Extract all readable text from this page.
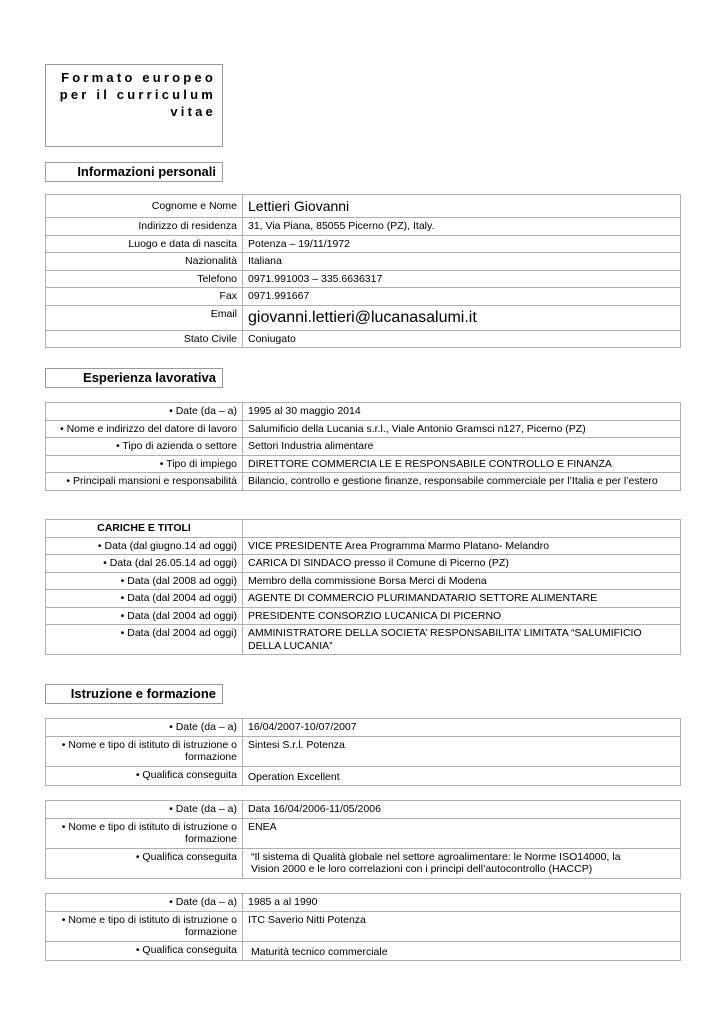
Formato europeo
per il curriculum
vitae
Informazioni personali
Cognome e Nome	Lettieri Giovanni
Indirizzo di residenza	31, Via Piana, 85055 Picerno (PZ), Italy.
Luogo e data di nascita	Potenza – 19/11/1972
Nazionalità	Italiana
Telefono	0971.991003 – 335.6636317
Fax	0971.991667
Email	giovanni.lettieri@lucanasalumi.it
Stato Civile	Coniugato
Esperienza lavorativa
• Date (da – a)	1995 al 30 maggio 2014
• Nome e indirizzo del datore di lavoro	Salumificio della Lucania s.r.l., Viale Antonio Gramsci n127, Picerno (PZ)
• Tipo di azienda o settore	Settori Industria alimentare
• Tipo di impiego	DIRETTORE COMMERCIA LE E RESPONSABILE CONTROLLO E FINANZA
• Principali mansioni e responsabilità	Bilancio, controllo e gestione finanze, responsabile commerciale per l’Italia e per l’estero
CARICHE E TITOLI	
• Data (dal giugno.14 ad oggi)	VICE PRESIDENTE Area Programma Marmo Platano- Melandro
• Data (dal 26.05.14 ad oggi)	CARICA DI SINDACO presso il Comune di Picerno (PZ)
• Data (dal 2008 ad oggi)	Membro della commissione Borsa Merci di Modena
• Data (dal 2004 ad oggi)	AGENTE DI COMMERCIO PLURIMANDATARIO SETTORE ALIMENTARE
• Data (dal 2004 ad oggi)	PRESIDENTE CONSORZIO LUCANICA DI PICERNO
• Data (dal 2004 ad oggi)	AMMINISTRATORE DELLA SOCIETA’ RESPONSABILITA’ LIMITATA “SALUMIFICIO DELLA LUCANIA”
Istruzione e formazione
• Date (da – a)	16/04/2007-10/07/2007
• Nome e tipo di istituto di istruzione o formazione	Sintesi S.r.l. Potenza
• Qualifica conseguita	Operation Excellent
• Date (da – a)	Data 16/04/2006-11/05/2006
• Nome e tipo di istituto di istruzione o formazione	ENEA
• Qualifica conseguita	“Il sistema di Qualità globale nel settore agroalimentare: le Norme ISO14000, la Vision 2000 e le loro correlazioni con i principi dell’autocontrollo (HACCP)
• Date (da – a)	1985 a al 1990
• Nome e tipo di istituto di istruzione o formazione	ITC Saverio Nitti Potenza
• Qualifica conseguita	Maturità tecnico commerciale
